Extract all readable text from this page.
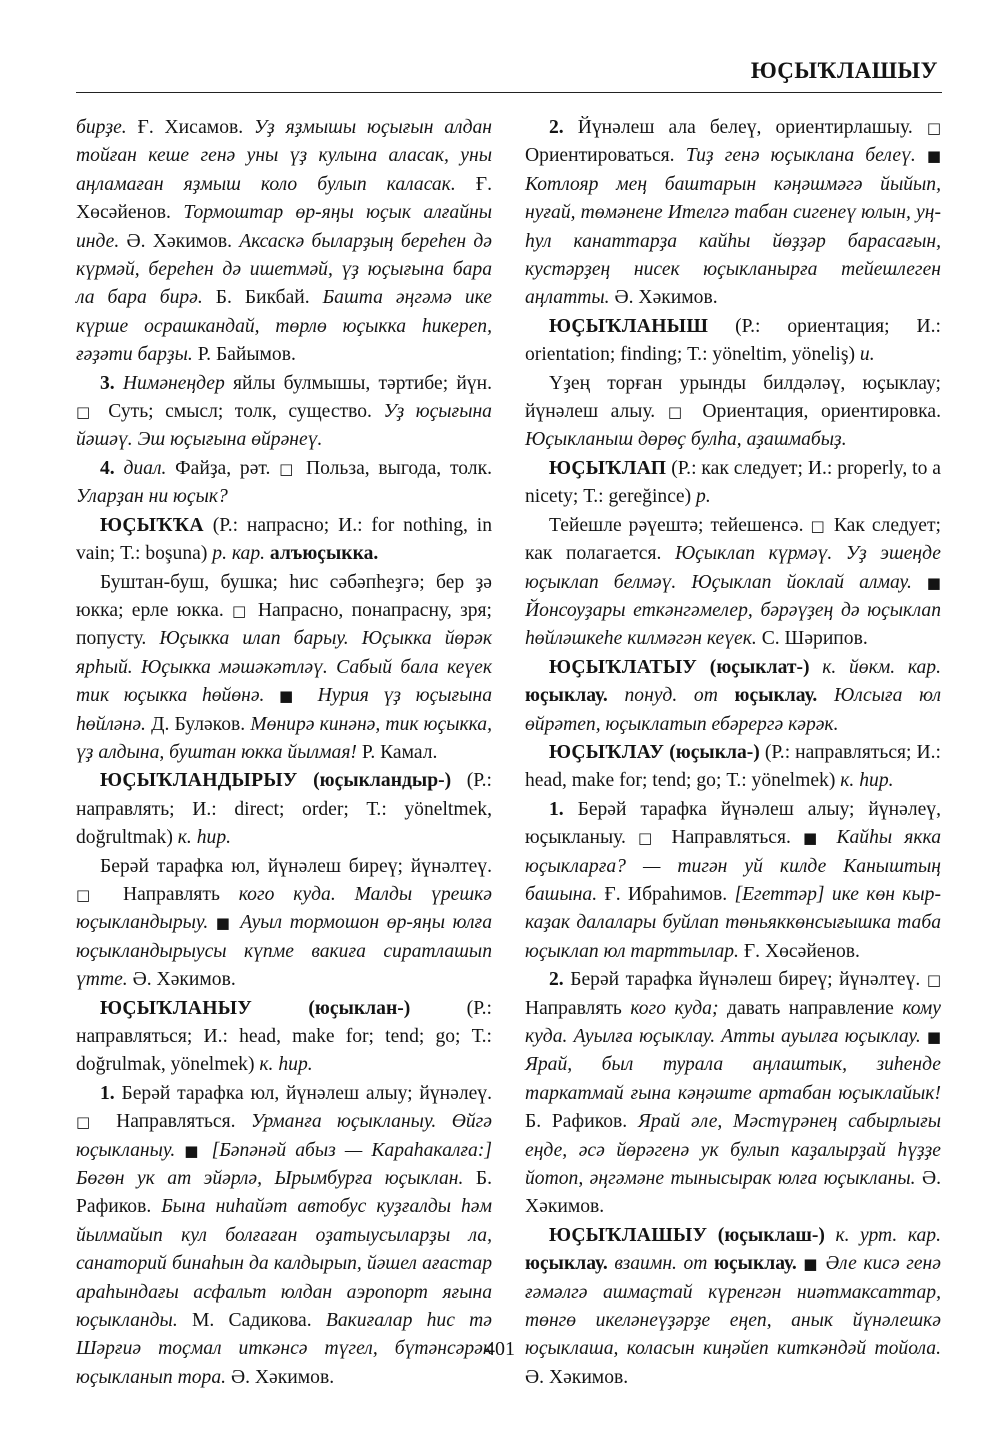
ЮҪЫҠЛАШЫУ

бирҙе. Ғ. Хисамов. Уҙ яҙмышы юҫығын алдан тойған кеше генә уны үҙ кулына аласак, уны аңламаған яҙмыш коло булып каласак. Ғ. Хөсәйенов. Тормоштар өр-яңы юҫык алғайны инде. Ә. Хәкимов. Аксаскә быларҙың береhен дә күрмәй, береhен дә ишетмәй, үҙ юҫығына бара ла бара бирә. Б. Бикбай. Башта әңгәмә ике күрше осрашкандай, төрлө юҫыкка hикереп, ғәҙәти барҙы. Р. Байымов.

3. Нимәнеңдер яйлы булмышы, тәртибе; йүн. □ Суть; смысл; толк, существо. Уҙ юҫығына йәшәү. Эш юҫығына өйрәнеү.

4. диал. Файҙа, рәт. □ Польза, выгода, толк. Уларҙан ни юҫык?

ЮҪЫҠҠА (Р.: напрасно; И.: for nothing, in vain; Т.: boşuna) р. кар. алъюҫыкка.

Буштан-буш, бушка; hис сәбәпhеҙгә; бер ҙә юкка; ерле юкка. □ Напрасно, понапрасну, зря; попусту. Юҫыкка илап барыу. Юҫыкка йөрәк ярhый. Юҫыкка мәшәкәтләү. Сабый бала кеүек тик юҫыкка hөйөнә. ■ Нурия үҙ юҫығына hөйләнә. Д. Буләков. Мөнирә кинәнә, тик юҫыкка, үҙ алдына, буштан юкка йылмая! Р. Камал.

ЮҪЫҠЛАНДЫРЫУ (юҫыкландыр-) (Р.: направлять; И.: direct; order; Т.: yöneltmek, doğrultmak) к. hир.

Берәй тарафка юл, йүнәлеш биреү; йүнәлтеү. □ Направлять кого куда. Малды үрешкә юҫыкландырыу. ■ Ауыл тормошон өр-яңы юлға юҫыкландырыусы күпме вакиға сиратлашып үтте. Ә. Хәкимов.

ЮҪЫҠЛАНЫУ (юҫыклан-) (Р.: направляться; И.: head, make for; tend; go; Т.: doğrulmak, yönelmek) к. hир.

1. Берәй тарафка юл, йүнәлеш алыу; йүнәлеү. □ Направляться. Урманға юҫыкланыу. Өйгә юҫыкланыу. ■ [Бәпәнәй абыз — Караhакалға:] Бөгөн ук ат эйәрлә, Ырымбурға юҫыклан. Б. Рафиков. Бына ниhайәт автобус куҙғалды һәм йылмайып кул болғаған оҙатыусыларҙы ла, санаторий бинаhын да калдырып, йәшел ағастар араhындағы асфальт юлдан аэропорт яғына юҫыкланды. М. Садикова. Вакиғалар hис тә Шәрғиә тоҫмал иткәнсә түгел, бүтәнсәрәк юҫыкланып тора. Ә. Хәкимов.

2. Йүнәлеш ала белеү, ориентирлашыу. □ Ориентироваться. Тиҙ генә юҫыклана белеү. ■ Котлояр мең баштарын кәңәшмәгә йыйып, нуғай, төмәнене Ителгә табан сигенеү юлын, уң-hул канаттарҙа кайhы йөҙҙәр бараcағын, кустәрҙең нисек юҫыкланырға тейешлеген аңлатты. Ә. Хәкимов.

ЮҪЫҠЛАНЫШ (Р.: ориентация; И.: orientation; finding; Т.: yöneltim, yöneliş) и.

Үҙең торған урынды билдәләү, юҫыклау; йүнәлеш алыу. □ Ориентация, ориентировка. Юҫыкланыш дөрөҫ булhа, аҙашмабыҙ.

ЮҪЫҠЛАП (Р.: как следует; И.: properly, to a nicety; Т.: gereğince) р.

Тейешле рәүештә; тейешенсә. □ Как следует; как полагается. Юҫыклап күрмәү. Уҙ эшеңде юҫыклап белмәү. Юҫыклап йоклай алмау. ■ Йонсоуҙары еткәнгәмелер, бәрәүҙең дә юҫыклап hөйләшкеhе килмәгән кеүек. С. Шәрипов.

ЮҪЫҠЛАТЫУ (юҫыклат-) к. йөкм. кар. юҫыклау. понуд. от юҫыклау. Юлсыға юл өйрәтеп, юҫыклатып ебәрергә кәрәк.

ЮҪЫҠЛАУ (юҫыкла-) (Р.: направляться; И.: head, make for; tend; go; Т.: yönelmek) к. hир.

1. Берәй тарафка йүнәлеш алыу; йүнәлеү, юҫыкланыу. □ Направляться. ■ Кайhы якка юҫыкларға? — тигән уй килде Каныштың башына. Ғ. Ибраhимов. [Егеттәр] ике көн кыр-каҙак далалары буйлап төньяккөнсығышка таба юҫыклап юл тарттылар. Ғ. Хөсәйенов.

2. Берәй тарафка йүнәлеш биреү; йүнәлтеү. □ Направлять кого куда; давать направление кому куда. Ауылға юҫыклау. Атты ауылға юҫыклау. ■ Ярай, был турала аңлаштык, зиһенде таркатмай ғына кәңәште артабан юҫыклайык! Б. Рафиков. Ярай әле, Мәстүрәнең сабырлығы еңде, әсә йөрәгенә ук булып каҙалырҙай hүҙҙе йотоп, әңгәмәне тынысырак юлға юҫыкланы. Ә. Хәкимов.

ЮҪЫҠЛАШЫУ (юҫыклаш-) к. урт. кар. юҫыклау. взаимн. от юҫыклау. ■ Әле кисә генә ғәмәлгә ашмаҫтай күренгән ниәтмаксаттар, төнгө икеләнеүҙәрҙе еңеп, анык йүнәлешкә юҫыклаша, коласын киңәйеп киткәндәй тойола. Ә. Хәкимов.

401
